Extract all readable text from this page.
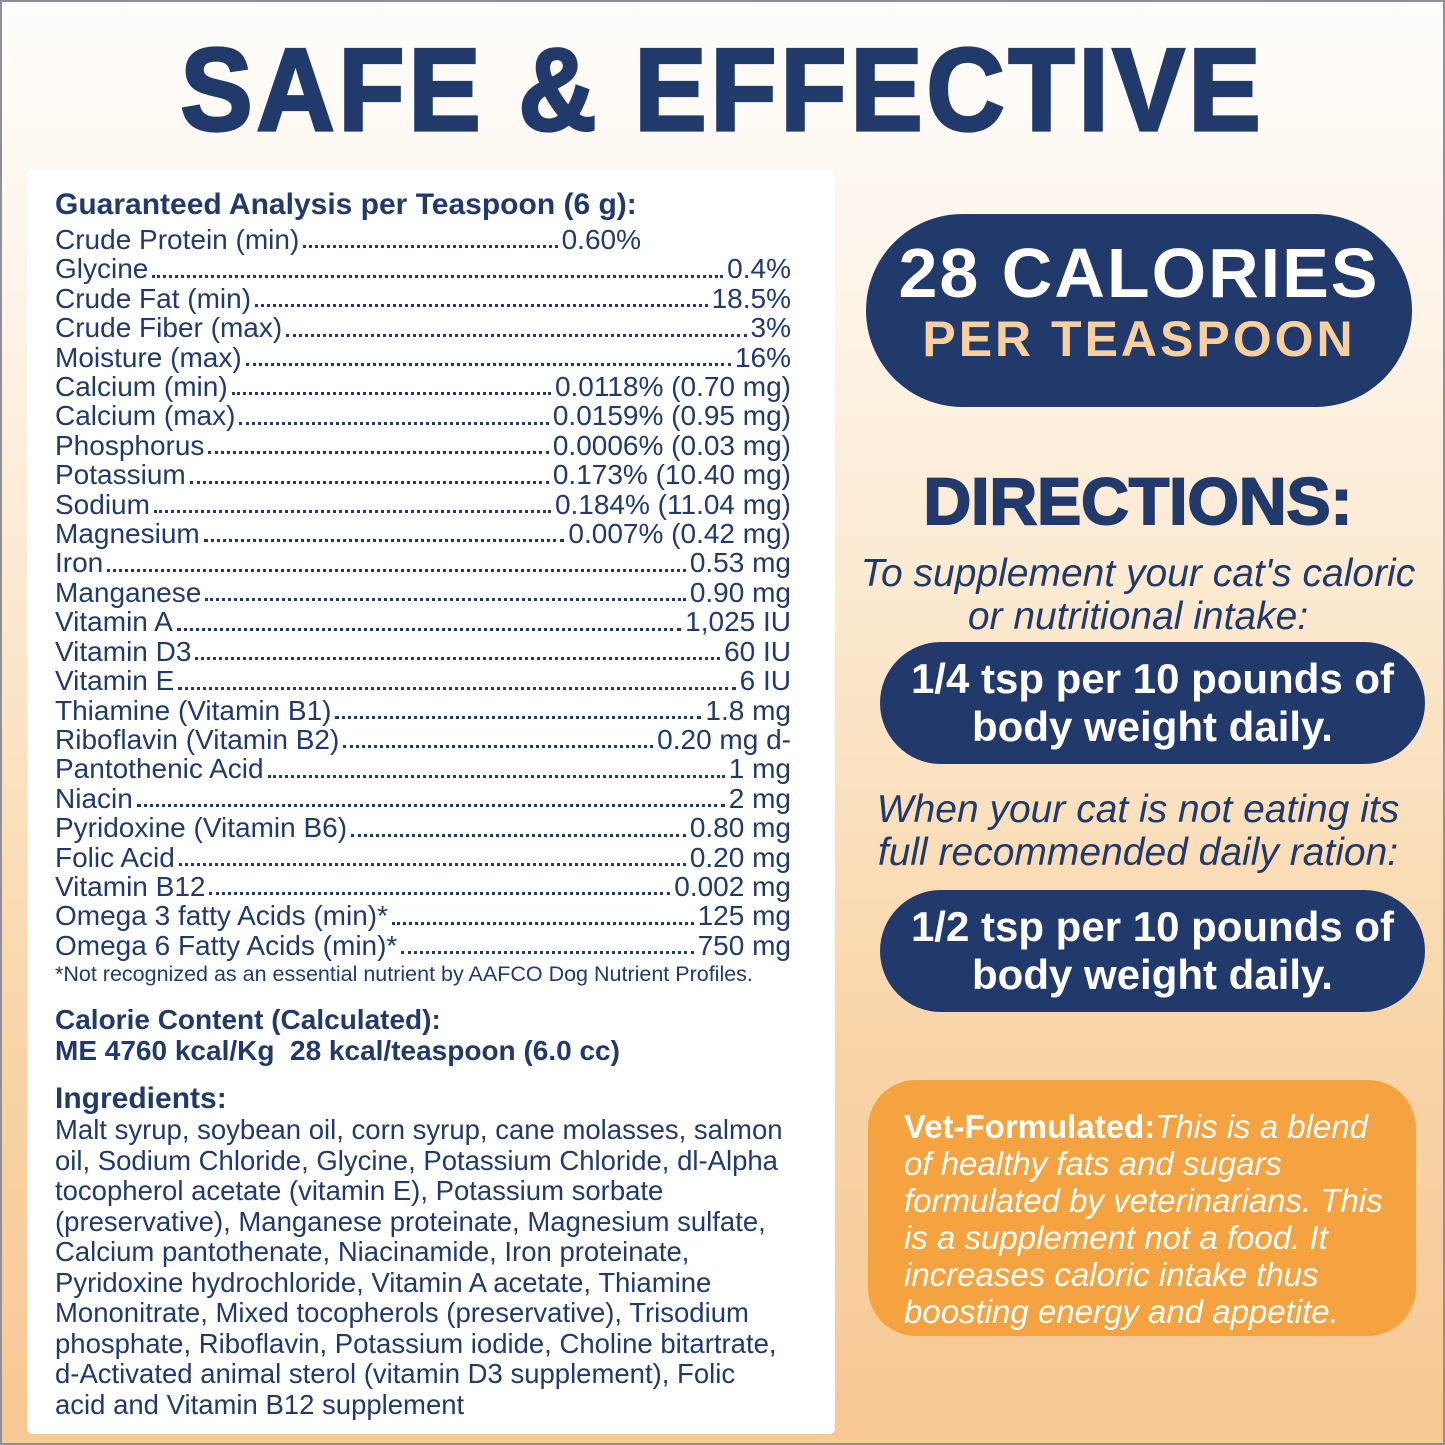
SAFE & EFFECTIVE
Guaranteed Analysis per Teaspoon (6 g):
Crude Protein (min)	0.60%
Glycine	0.4%
Crude Fat (min)	18.5%
Crude Fiber (max)	3%
Moisture (max)	16%
Calcium (min)	0.0118% (0.70 mg)
Calcium (max)	0.0159% (0.95 mg)
Phosphorus	0.0006% (0.03 mg)
Potassium	0.173% (10.40 mg)
Sodium	0.184% (11.04 mg)
Magnesium	0.007% (0.42 mg)
Iron	0.53 mg
Manganese	0.90 mg
Vitamin A	1,025 IU
Vitamin D3	60 IU
Vitamin E	6 IU
Thiamine (Vitamin B1)	1.8 mg
Riboflavin (Vitamin B2)	0.20 mg d-
Pantothenic Acid	1 mg
Niacin	2 mg
Pyridoxine (Vitamin B6)	0.80 mg
Folic Acid	0.20 mg
Vitamin B12	0.002 mg
Omega 3 fatty Acids (min)*	125 mg
Omega 6 Fatty Acids (min)*	750 mg
*Not recognized as an essential nutrient by AAFCO Dog Nutrient Profiles.
Calorie Content (Calculated):
ME 4760 kcal/Kg  28 kcal/teaspoon (6.0 cc)
Ingredients:
Malt syrup, soybean oil, corn syrup, cane molasses, salmon oil, Sodium Chloride, Glycine, Potassium Chloride, dl-Alpha tocopherol acetate (vitamin E), Potassium sorbate (preservative), Manganese proteinate, Magnesium sulfate, Calcium pantothenate, Niacinamide, Iron proteinate, Pyridoxine hydrochloride, Vitamin A acetate, Thiamine Mononitrate, Mixed tocopherols (preservative), Trisodium phosphate, Riboflavin, Potassium iodide, Choline bitartrate, d-Activated animal sterol (vitamin D3 supplement), Folic acid and Vitamin B12 supplement
28 CALORIES
PER TEASPOON
DIRECTIONS:
To supplement your cat's caloric or nutritional intake:
1/4 tsp per 10 pounds of body weight daily.
When your cat is not eating its full recommended daily ration:
1/2 tsp per 10 pounds of body weight daily.
Vet-Formulated:This is a blend of healthy fats and sugars formulated by veterinarians. This is a supplement not a food. It increases caloric intake thus boosting energy and appetite.
